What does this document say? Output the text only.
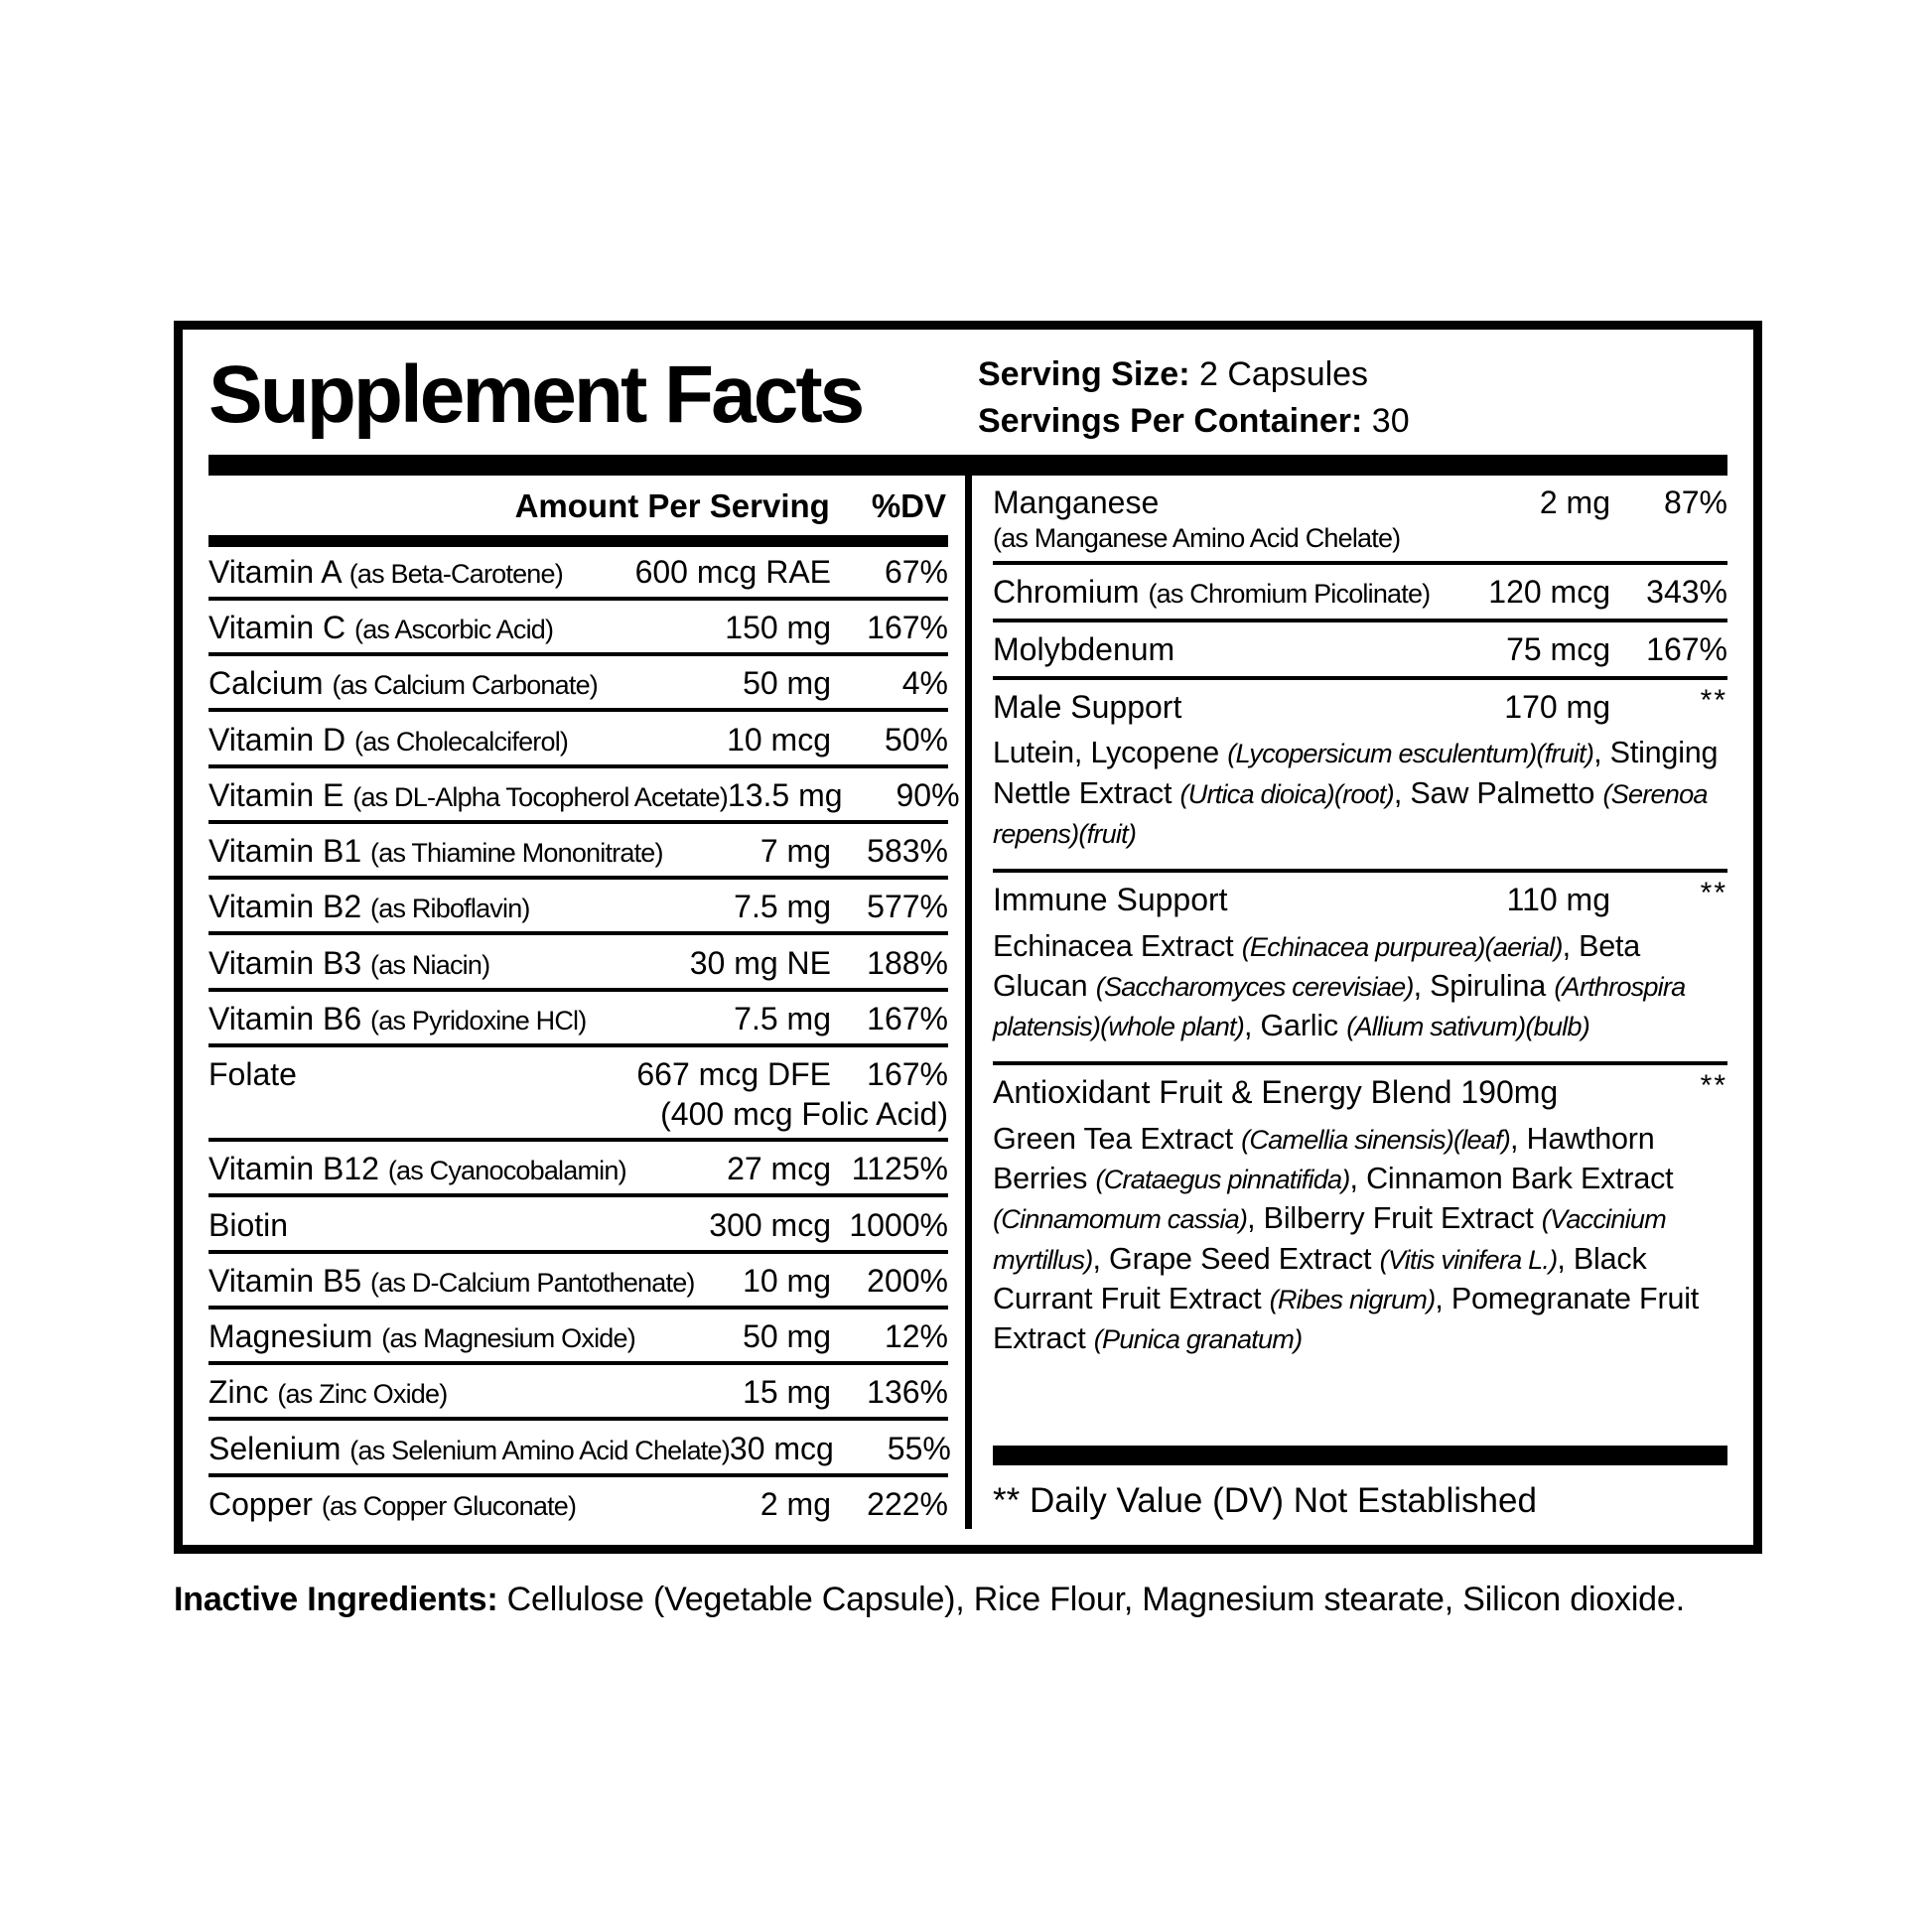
Supplement Facts	Serving Size: 2 Capsules
Servings Per Container: 30
Amount Per Serving %DV
Vitamin A (as Beta-Carotene) 600 mcg RAE	67%
Vitamin C (as Ascorbic Acid)	150 mg	167%
Calcium (as Calcium Carbonate)	50 mg	4%
Vitamin D (as Cholecalciferol)	10 mcg	50%
Vitamin E (as DL-Alpha Tocopherol Acetate) 13.5 mg	90%
Vitamin B1 (as Thiamine Mononitrate)	7 mg	583%
Vitamin B2 (as Riboflavin)	7.5 mg	577%
Vitamin B3 (as Niacin)	30 mg NE	188%
Vitamin B6 (as Pyridoxine HCl)	7.5 mg	167%
Folate	667 mcg DFE	167%
(400 mcg Folic Acid)
Vitamin B12 (as Cyanocobalamin)	27 mcg 1125%
Biotin	300 mcg 1000%
Vitamin B5 (as D-Calcium Pantothenate) 10 mg	200%
Magnesium (as Magnesium Oxide)	50 mg	12%
Zinc (as Zinc Oxide)	15 mg	136%
Selenium (as Selenium Amino Acid Chelate) 30 mcg	55%
Copper (as Copper Gluconate)	2 mg	222%
Manganese	2 mg	87%
(as Manganese Amino Acid Chelate)
Chromium (as Chromium Picolinate) 120 mcg	343%
Molybdenum	75 mcg	167%
Male Support	170 mg	**

Lutein, Lycopene (Lycopersicum esculentum)(fruit), Stinging Nettle Extract (Urtica dioica)(root), Saw Palmetto (Serenoa repens)(fruit)

Immune Support	110 mg	**

Echinacea Extract (Echinacea purpurea)(aerial), Beta Glucan (Saccharomyces cerevisiae), Spirulina (Arthrospira platensis)(whole plant), Garlic (Allium sativum)(bulb)

Antioxidant Fruit & Energy Blend 190mg	**

Green Tea Extract (Camellia sinensis)(leaf), Hawthorn Berries (Crataegus pinnatifida), Cinnamon Bark Extract (Cinnamomum cassia), Bilberry Fruit Extract (Vaccinium myrtillus), Grape Seed Extract (Vitis vinifera L.), Black Currant Fruit Extract (Ribes nigrum), Pomegranate Fruit Extract (Punica granatum)

** Daily Value (DV) Not Established

Inactive Ingredients: Cellulose (Vegetable Capsule), Rice Flour, Magnesium stearate, Silicon dioxide.
